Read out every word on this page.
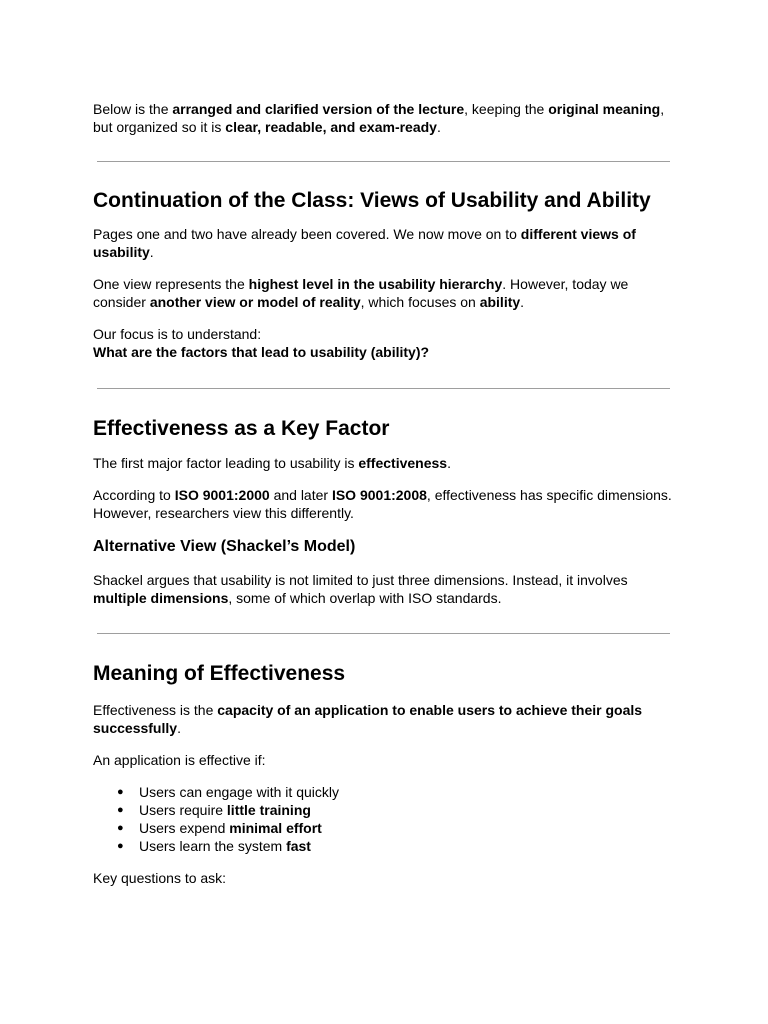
Below is the arranged and clarified version of the lecture, keeping the original meaning,
but organized so it is clear, readable, and exam-ready.

Continuation of the Class: Views of Usability and Ability

Pages one and two have already been covered. We now move on to different views of usability.

One view represents the highest level in the usability hierarchy. However, today we consider another view or model of reality, which focuses on ability.

Our focus is to understand:
What are the factors that lead to usability (ability)?

Effectiveness as a Key Factor

The first major factor leading to usability is effectiveness.

According to ISO 9001:2000 and later ISO 9001:2008, effectiveness has specific dimensions. However, researchers view this differently.

Alternative View (Shackel’s Model)

Shackel argues that usability is not limited to just three dimensions. Instead, it involves multiple dimensions, some of which overlap with ISO standards.

Meaning of Effectiveness

Effectiveness is the capacity of an application to enable users to achieve their goals successfully.

An application is effective if:

● Users can engage with it quickly
● Users require little training
● Users expend minimal effort
● Users learn the system fast

Key questions to ask:
